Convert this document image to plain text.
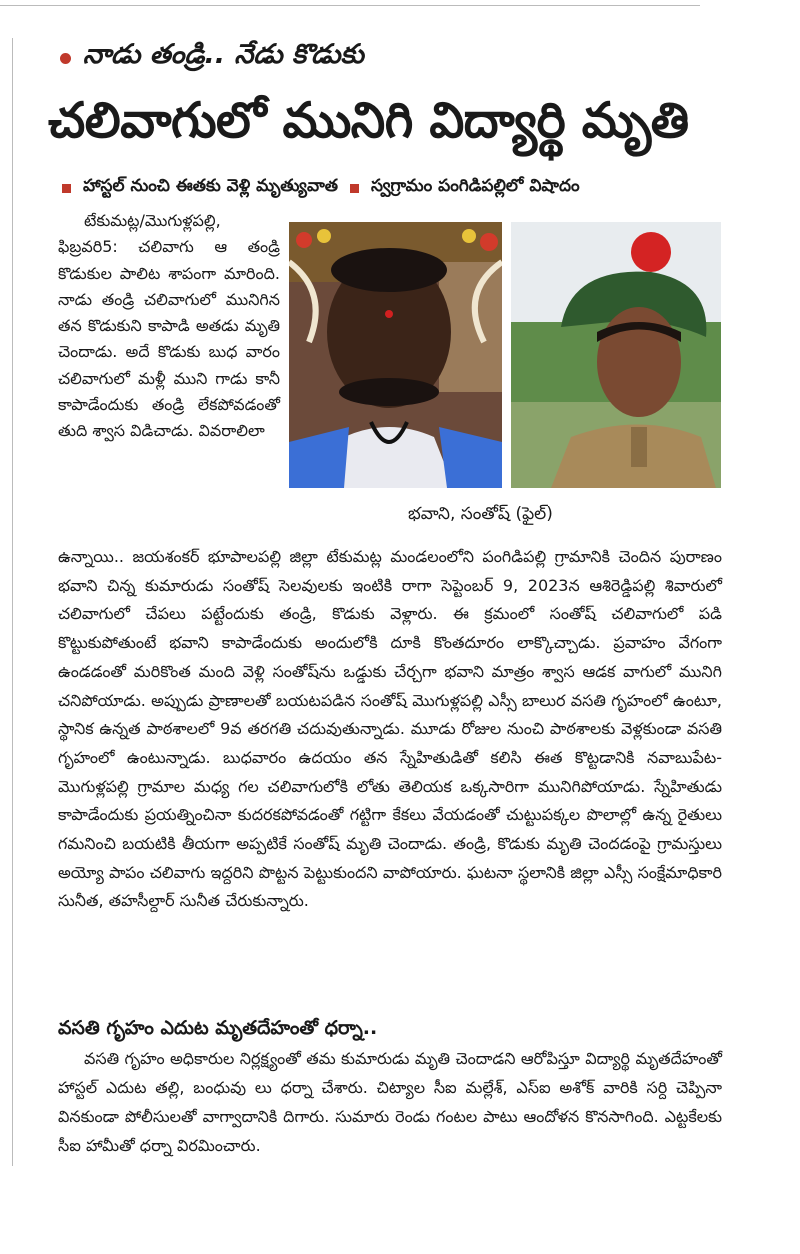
నాడు తండ్రి.. నేడు కొడుకు
చలివాగులో మునిగి విద్యార్థి మృతి
హాస్టల్ నుంచి ఈతకు వెళ్లి మృత్యువాత స్వగ్రామం పంగిడిపల్లిలో విషాదం

టేకుమట్ల/మొగుళ్లపల్లి, ఫిబ్రవరి5: చలివాగు ఆ తండ్రి కొడుకుల పాలిట శాపంగా మారింది. నాడు తండ్రి చలివాగులో మునిగిన తన కొడుకుని కాపాడి అతడు మృతి చెందాడు. అదే కొడుకు బుధ వారం చలివాగులో మళ్లీ ముని గాడు కానీ కాపాడేందుకు తండ్రి లేకపోవడంతో తుది శ్వాస విడిచాడు. వివరాలిలా

భవాని, సంతోష్ (ఫైల్)

ఉన్నాయి.. జయశంకర్ భూపాలపల్లి జిల్లా టేకుమట్ల మండలంలోని పంగిడిపల్లి గ్రామానికి చెందిన పురాణం భవాని చిన్న కుమారుడు సంతోష్ సెలవులకు ఇంటికి రాగా సెప్టెంబర్ 9, 2023న ఆశిరెడ్డిపల్లి శివారులో చలివాగులో చేపలు పట్టేందుకు తండ్రి, కొడుకు వెళ్లారు. ఈ క్రమంలో సంతోష్ చలివాగులో పడి కొట్టుకుపోతుంటే భవాని కాపాడేందుకు అందులోకి దూకి కొంతదూరం లాక్కొచ్చాడు. ప్రవాహం వేగంగా ఉండడంతో మరికొంత మంది వెళ్లి సంతోష్‌ను ఒడ్డుకు చేర్చగా భవాని మాత్రం శ్వాస ఆడక వాగులో మునిగి చనిపోయాడు. అప్పుడు ప్రాణాలతో బయటపడిన సంతోష్ మొగుళ్లపల్లి ఎస్సీ బాలుర వసతి గృహంలో ఉంటూ, స్థానిక ఉన్నత పాఠశాలలో 9వ తరగతి చదువుతున్నాడు. మూడు రోజుల నుంచి పాఠశాలకు వెళ్లకుండా వసతి గృహంలో ఉంటున్నాడు. బుధవారం ఉదయం తన స్నేహితుడితో కలిసి ఈత కొట్టడానికి నవాబుపేట-మొగుళ్లపల్లి గ్రామాల మధ్య గల చలివాగులోకి లోతు తెలియక ఒక్కసారిగా మునిగిపోయాడు. స్నేహితుడు కాపాడేందుకు ప్రయత్నించినా కుదరకపోవడంతో గట్టిగా కేకలు వేయడంతో చుట్టుపక్కల పొలాల్లో ఉన్న రైతులు గమనించి బయటికి తీయగా అప్పటికే సంతోష్ మృతి చెందాడు. తండ్రి, కొడుకు మృతి చెందడంపై గ్రామస్తులు అయ్యో పాపం చలివాగు ఇద్దరిని పొట్టన పెట్టుకుందని వాపోయారు. ఘటనా స్థలానికి జిల్లా ఎస్సీ సంక్షేమాధికారి సునీత, తహసీల్దార్ సునీత చేరుకున్నారు.

వసతి గృహం ఎదుట మృతదేహంతో ధర్నా..

వసతి గృహం అధికారుల నిర్లక్ష్యంతో తమ కుమారుడు మృతి చెందాడని ఆరోపిస్తూ విద్యార్థి మృతదేహంతో హాస్టల్ ఎదుట తల్లి, బంధువు లు ధర్నా చేశారు. చిట్యాల సీఐ మల్లేశ్, ఎస్ఐ అశోక్ వారికి సర్ది చెప్పినా వినకుండా పోలీసులతో వాగ్వాదానికి దిగారు. సుమారు రెండు గంటల పాటు ఆందోళన కొనసాగింది. ఎట్టకేలకు సీఐ హామీతో ధర్నా విరమించారు.
